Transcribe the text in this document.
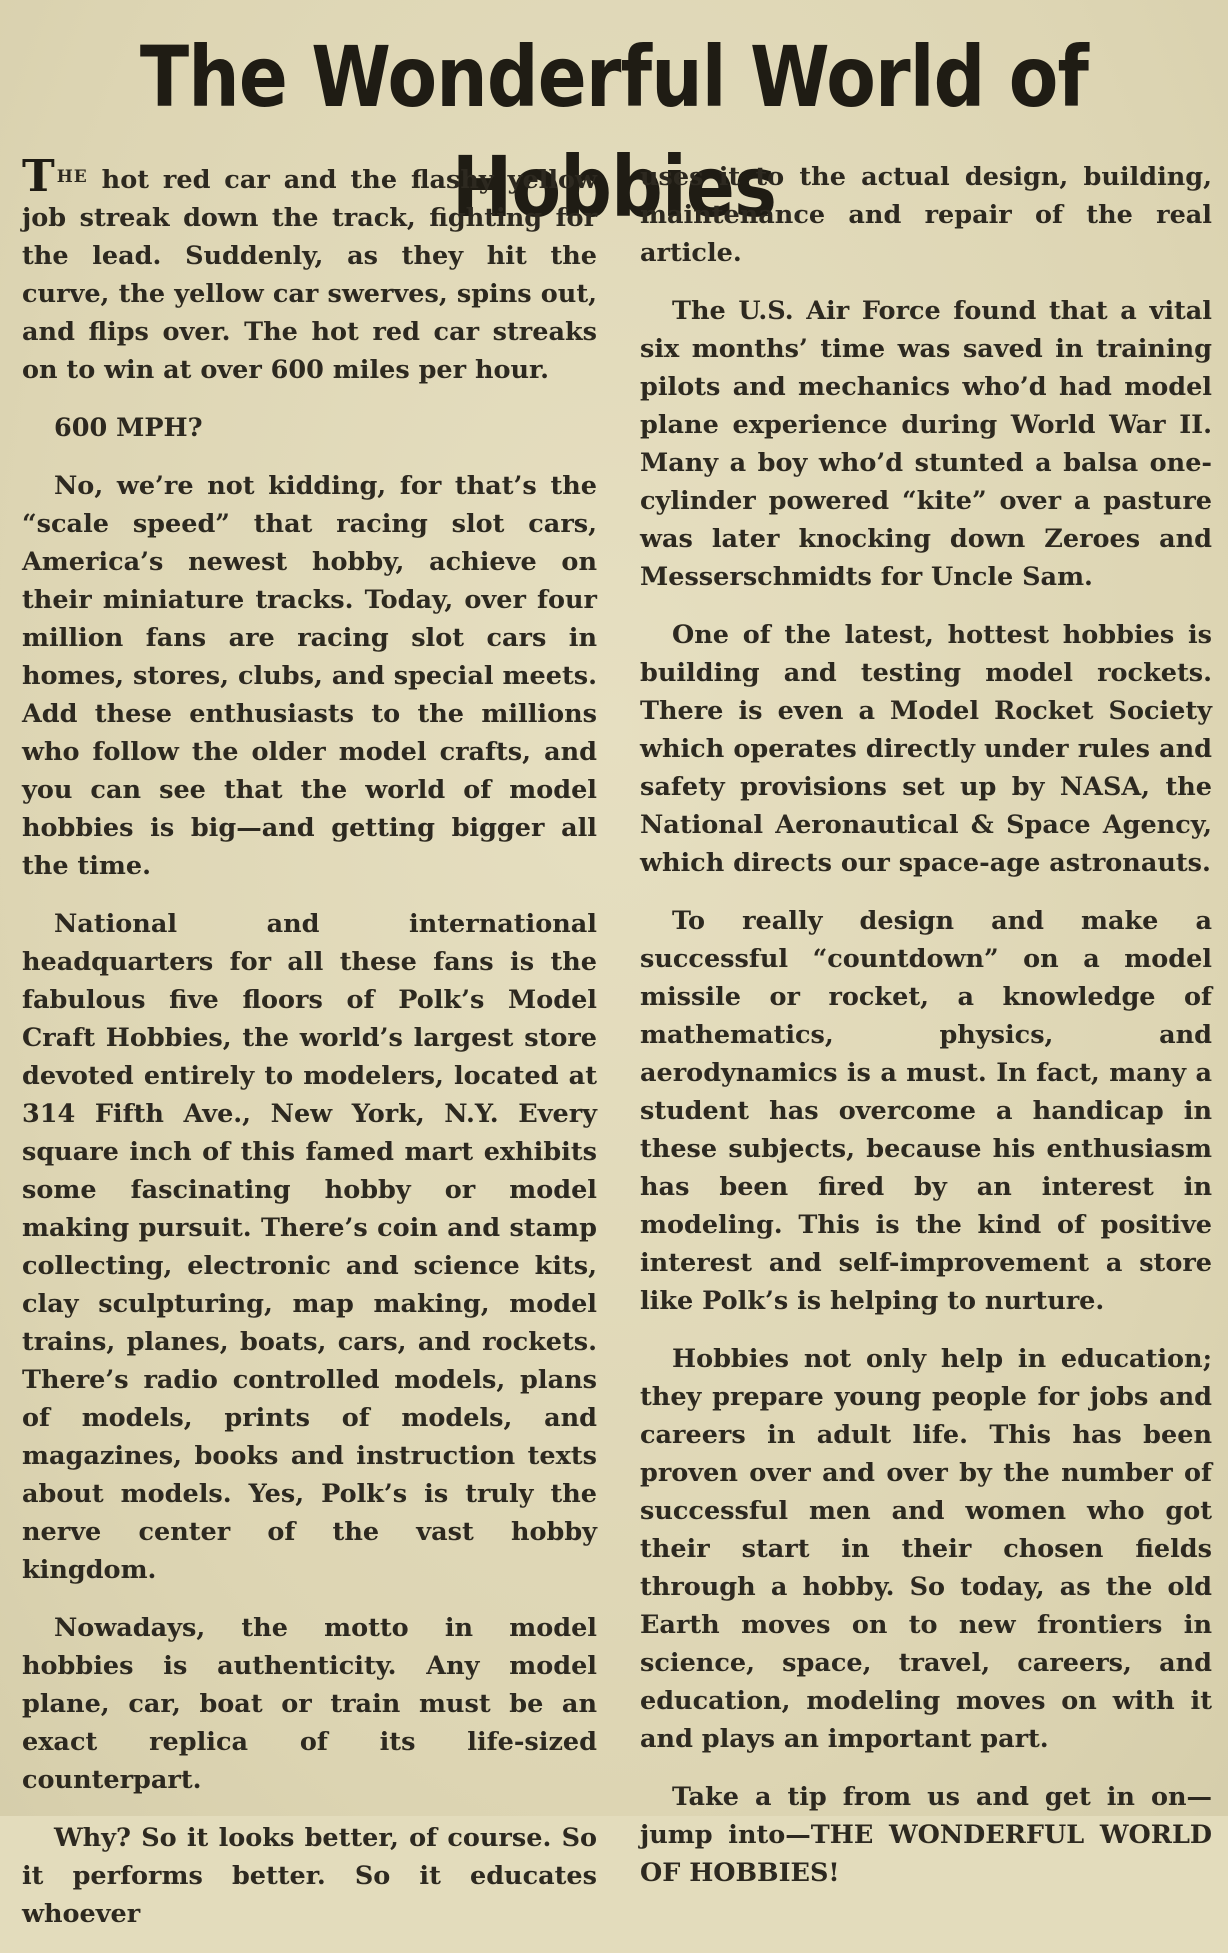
The Wonderful World of Hobbies

T $^{HE}$ hot red car and the flashy yellow job streak down the track, fighting for the lead. Suddenly, as they hit the curve, the yellow car swerves, spins out, and flips over. The hot red car streaks on to win at over 600 miles per hour.

600 MPH?

No, we’re not kidding, for that’s the “scale speed” that racing slot cars, America’s newest hobby, achieve on their miniature tracks. Today, over four million fans are racing slot cars in homes, stores, clubs, and special meets. Add these enthusiasts to the millions who follow the older model crafts, and you can see that the world of model hobbies is big—and getting bigger all the time.

National and international headquarters for all these fans is the fabulous five floors of Polk’s Model Craft Hobbies, the world’s largest store devoted entirely to modelers, located at 314 Fifth Ave., New York, N.Y. Every square inch of this famed mart exhibits some fascinating hobby or model making pursuit. There’s coin and stamp collecting, electronic and science kits, clay sculpturing, map making, model trains, planes, boats, cars, and rockets. There’s radio controlled models, plans of models, prints of models, and magazines, books and instruction texts about models. Yes, Polk’s is truly the nerve center of the vast hobby kingdom.

Nowadays, the motto in model hobbies is authenticity. Any model plane, car, boat or train must be an exact replica of its life-sized counterpart.

Why? So it looks better, of course. So it performs better. So it educates whoever

uses it to the actual design, building, maintenance and repair of the real article.

The U.S. Air Force found that a vital six months’ time was saved in training pilots and mechanics who’d had model plane experience during World War II. Many a boy who’d stunted a balsa one-cylinder powered “kite” over a pasture was later knocking down Zeroes and Messerschmidts for Uncle Sam.

One of the latest, hottest hobbies is building and testing model rockets. There is even a Model Rocket Society which operates directly under rules and safety provisions set up by NASA, the National Aeronautical & Space Agency, which directs our space-age astronauts.

To really design and make a successful “countdown” on a model missile or rocket, a knowledge of mathematics, physics, and aerodynamics is a must. In fact, many a student has overcome a handicap in these subjects, because his enthusiasm has been fired by an interest in modeling. This is the kind of positive interest and self-improvement a store like Polk’s is helping to nurture.

Hobbies not only help in education; they prepare young people for jobs and careers in adult life. This has been proven over and over by the number of successful men and women who got their start in their chosen fields through a hobby. So today, as the old Earth moves on to new frontiers in science, space, travel, careers, and education, modeling moves on with it and plays an important part.

Take a tip from us and get in on—jump into—THE WONDERFUL WORLD OF HOBBIES!
